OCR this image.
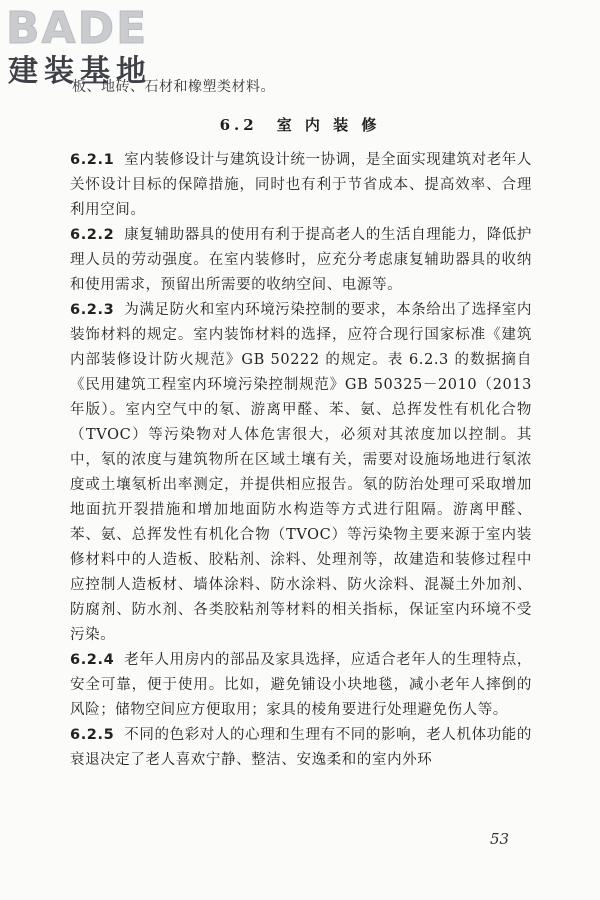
BADE
建装基地
板、地砖、石材和橡塑类材料。
6.2　室 内 装 修

6.2.1 室内装修设计与建筑设计统一协调，是全面实现建筑对老年人关怀设计目标的保障措施，同时也有利于节省成本、提高效率、合理利用空间。

6.2.2 康复辅助器具的使用有利于提高老人的生活自理能力，降低护理人员的劳动强度。在室内装修时，应充分考虑康复辅助器具的收纳和使用需求，预留出所需要的收纳空间、电源等。

6.2.3 为满足防火和室内环境污染控制的要求，本条给出了选择室内装饰材料的规定。室内装饰材料的选择，应符合现行国家标准《建筑内部装修设计防火规范》GB 50222 的规定。表 6.2.3 的数据摘自《民用建筑工程室内环境污染控制规范》GB 50325－2010（2013 年版）。室内空气中的氡、游离甲醛、苯、氨、总挥发性有机化合物（TVOC）等污染物对人体危害很大，必须对其浓度加以控制。其中，氡的浓度与建筑物所在区域土壤有关，需要对设施场地进行氡浓度或土壤氡析出率测定，并提供相应报告。氡的防治处理可采取增加地面抗开裂措施和增加地面防水构造等方式进行阻隔。游离甲醛、苯、氨、总挥发性有机化合物（TVOC）等污染物主要来源于室内装修材料中的人造板、胶粘剂、涂料、处理剂等，故建造和装修过程中应控制人造板材、墙体涂料、防水涂料、防火涂料、混凝土外加剂、防腐剂、防水剂、各类胶粘剂等材料的相关指标，保证室内环境不受污染。

6.2.4 老年人用房内的部品及家具选择，应适合老年人的生理特点，安全可靠，便于使用。比如，避免铺设小块地毯，减小老年人摔倒的风险；储物空间应方便取用；家具的棱角要进行处理避免伤人等。

6.2.5 不同的色彩对人的心理和生理有不同的影响，老人机体功能的衰退决定了老人喜欢宁静、整洁、安逸柔和的室内外环

53
